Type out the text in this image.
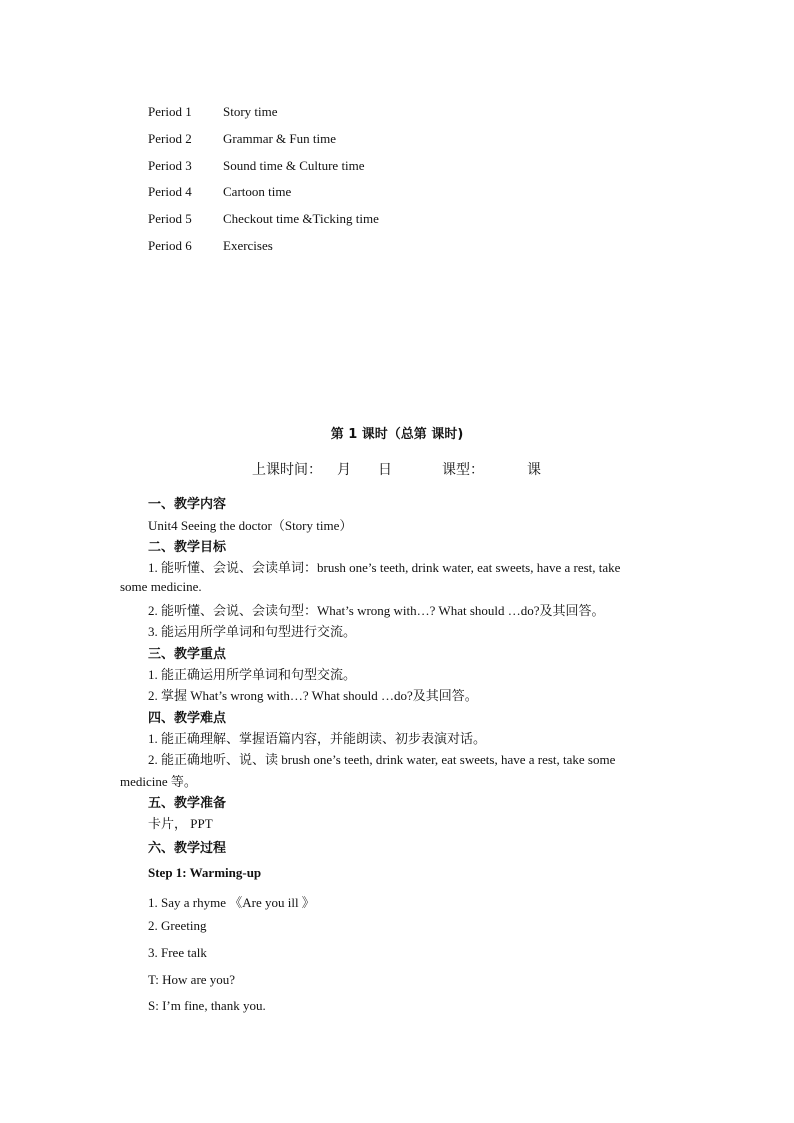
Period 1 Story time
Period 2 Grammar & Fun time
Period 3 Sound time & Culture time
Period 4 Cartoon time
Period 5 Checkout time &Ticking time
Period 6 Exercises
第 1 课时（总第 课时)
上课时间： 月 日	课型：	课
一、教学内容
Unit4 Seeing the doctor（Story time）
二、教学目标
1. 能听懂、会说、会读单词：brush one’s teeth, drink water, eat sweets, have a rest, take
some medicine.
2. 能听懂、会说、会读句型：What’s wrong with…? What should …do?及其回答。
3. 能运用所学单词和句型进行交流。
三、教学重点
1. 能正确运用所学单词和句型交流。
2. 掌握 What’s wrong with…? What should …do?及其回答。
四、教学难点
1. 能正确理解、掌握语篇内容，并能朗读、初步表演对话。
2. 能正确地听、说、读 brush one’s teeth, drink water, eat sweets, have a rest, take some
medicine 等。
五、教学准备
卡片， PPT
六、教学过程
Step 1: Warming-up
1. Say a rhyme 《Are you ill 》
2. Greeting
3. Free talk
T: How are you?
S: I’m fine, thank you.
